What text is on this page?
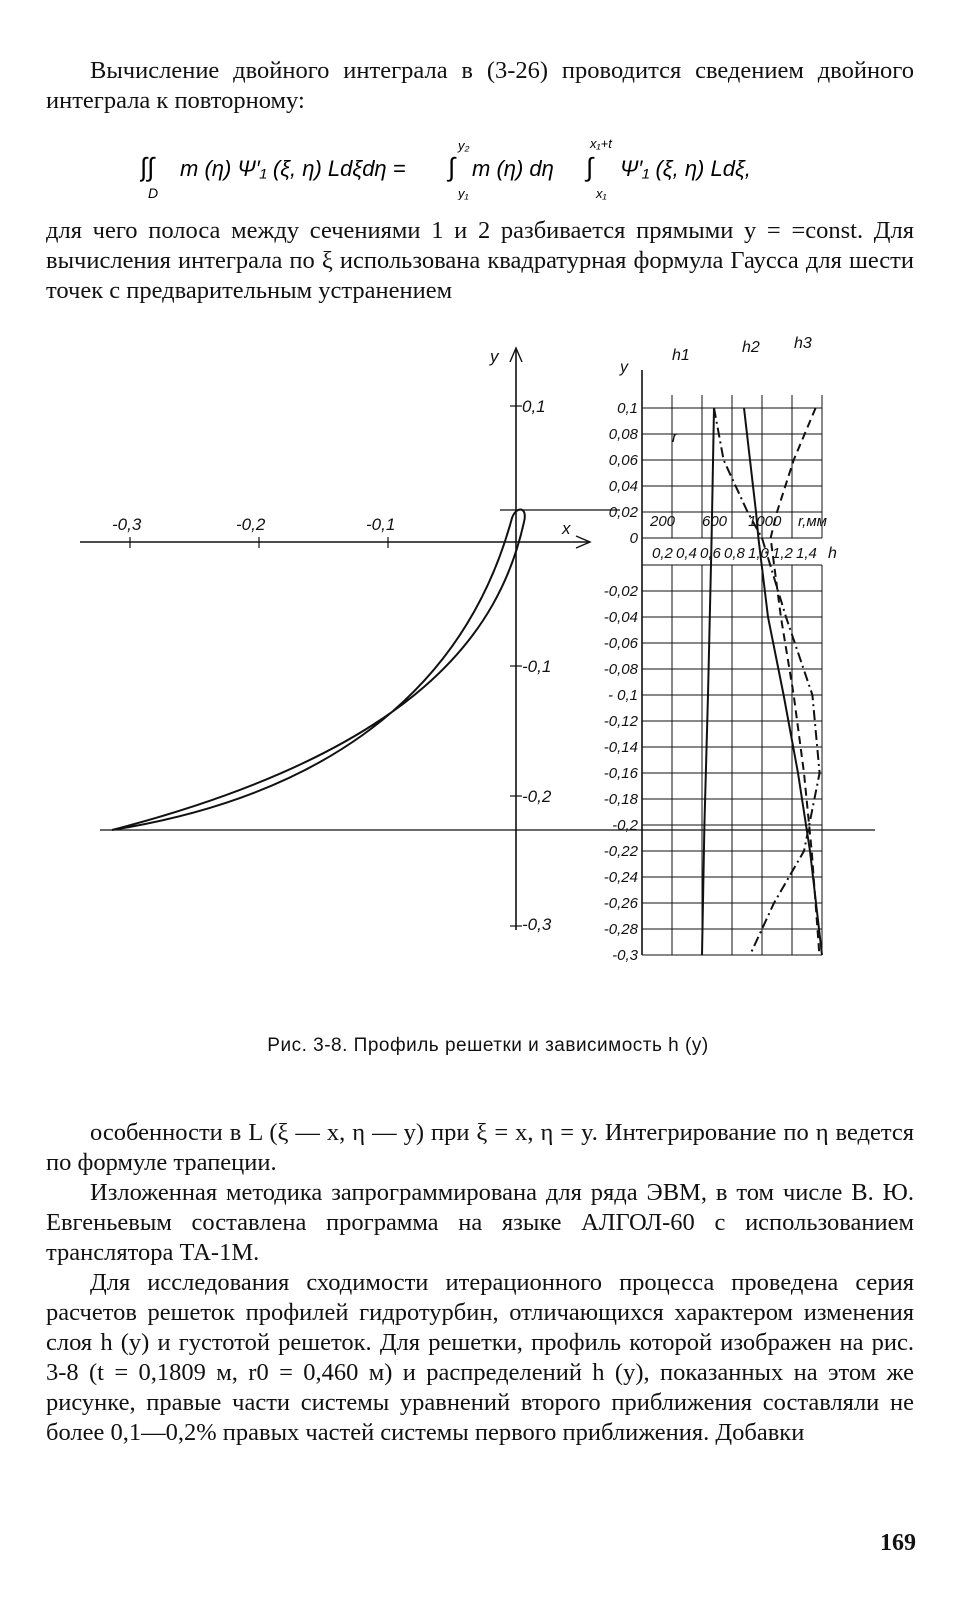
Вычисление двойного интеграла в (3-26) проводится сведением двойного интеграла к повторному:

∫∫
D
m (η) Ψ′₁ (ξ, η) Ldξdη = ∫
y₂
y₁
m (η) dη ∫
x₁+t
x₁
Ψ′₁ (ξ, η) Ldξ,

для чего полоса между сечениями 1 и 2 разбивается прямыми y = =const. Для вычисления интеграла по ξ использована квадратурная формула Гаусса для шести точек с предварительным устранением

y
x
-0,3	-0,2	-0,1
0,1
-0,1
-0,2
-0,3
0,1
0,08
0,06
0,04
0,02
0
-0,02
-0,04
-0,06
-0,08
- 0,1
-0,12
-0,14
-0,16
-0,18
-0,2
-0,22
-0,24
-0,26
-0,28
-0,3
0,2 0,4 0,6 0,8 1,0 1,2 1,4
y
200 600 1000 r,мм
h
h1	h2 h3
r
Рис. 3-8. Профиль решетки и зависимость h (y)

особенности в L (ξ — x, η — y) при ξ = x, η = y. Интегрирование по η ведется по формуле трапеции.

Изложенная методика запрограммирована для ряда ЭВМ, в том числе В. Ю. Евгеньевым составлена программа на языке АЛГОЛ-60 с использованием транслятора ТА-1М.

Для исследования сходимости итерационного процесса проведена серия расчетов решеток профилей гидротурбин, отличающихся характером изменения слоя h (y) и густотой решеток. Для решетки, профиль которой изображен на рис. 3-8 (t = 0,1809 м, r0 = 0,460 м) и распределений h (y), показанных на этом же рисунке, правые части системы уравнений второго приближения составляли не более 0,1—0,2% правых частей системы первого приближения. Добавки

169
